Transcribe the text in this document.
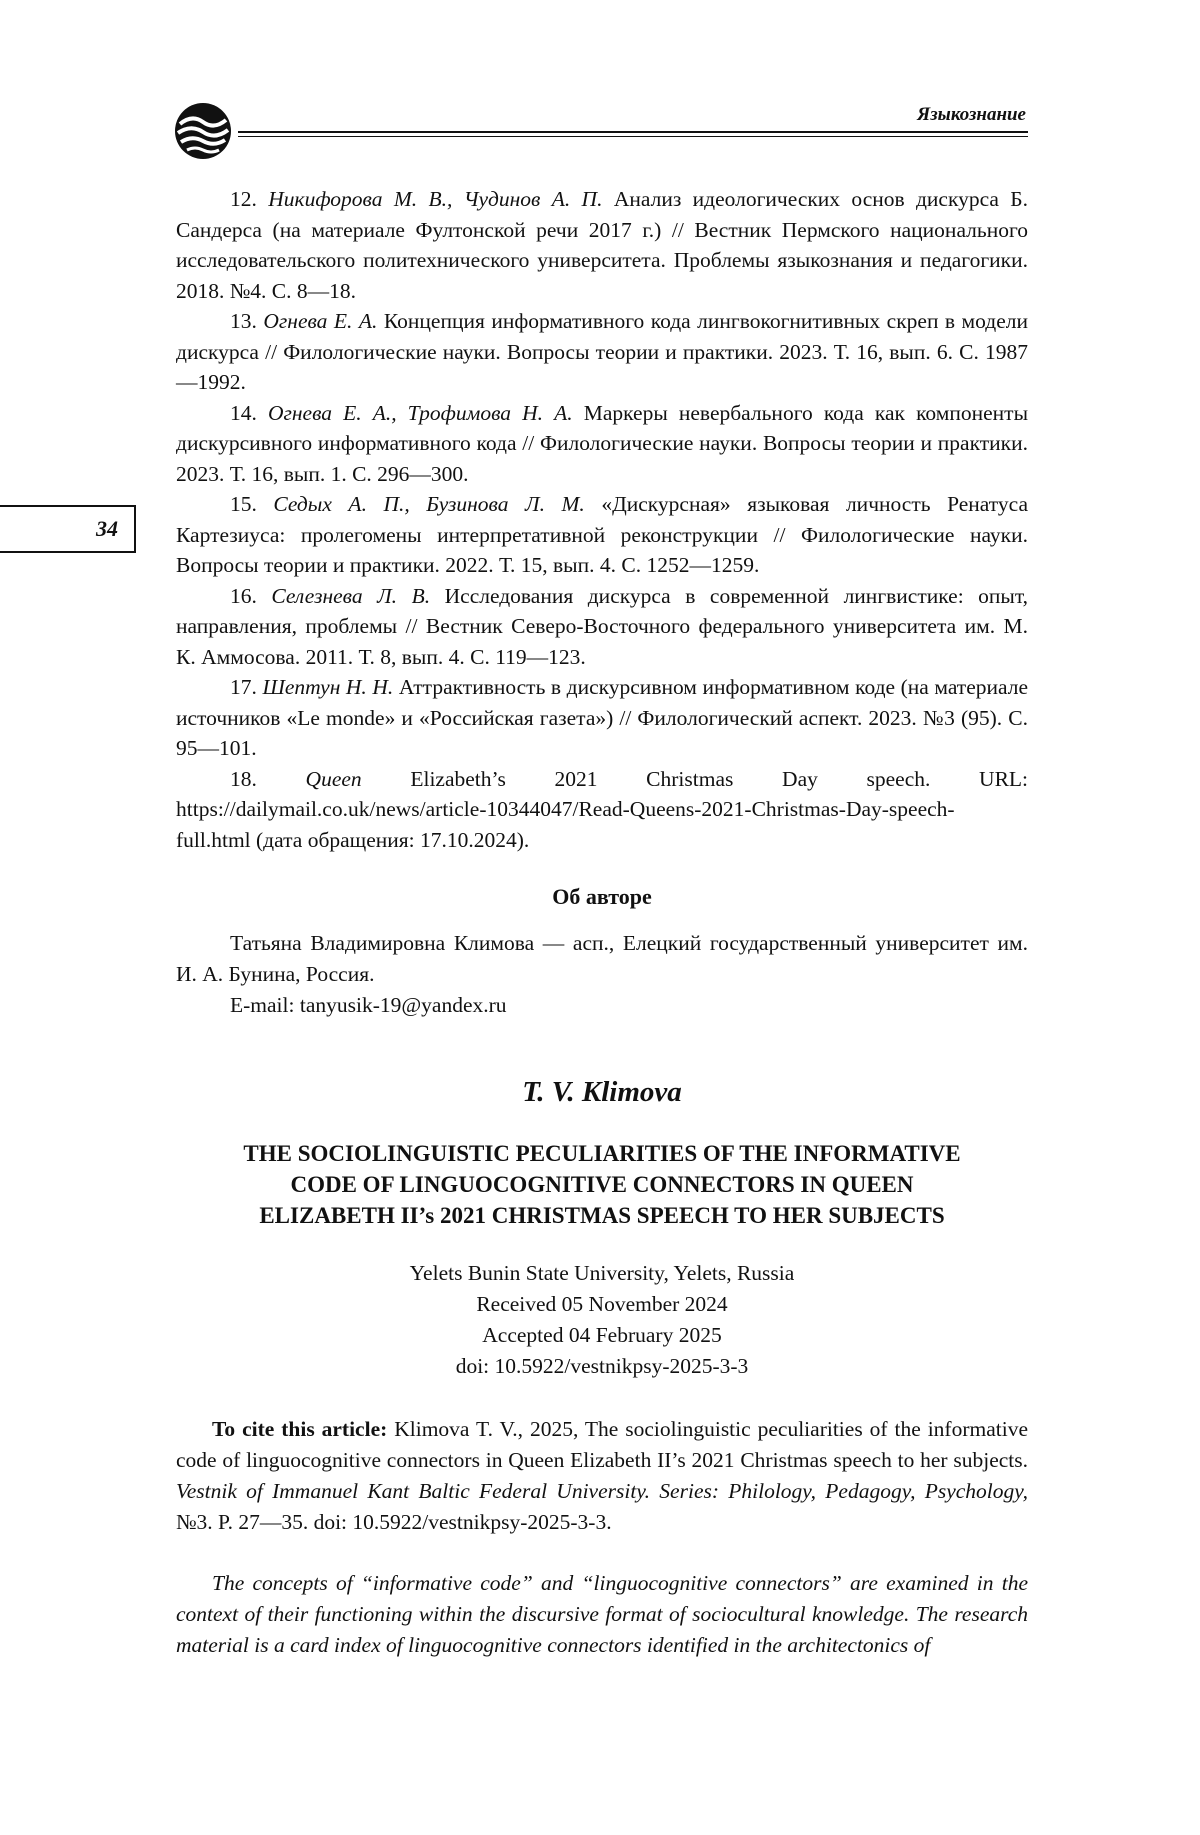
Языкознание
34

12. Никифорова М. В., Чудинов А. П. Анализ идеологических основ дискурса Б. Сандерса (на материале Фултонской речи 2017 г.) // Вестник Пермского национального исследовательского политехнического университета. Проблемы языкознания и педагогики. 2018. №4. С. 8—18.

13. Огнева Е. А. Концепция информативного кода лингвокогнитивных скреп в модели дискурса // Филологические науки. Вопросы теории и практики. 2023. Т. 16, вып. 6. С. 1987—1992.

14. Огнева Е. А., Трофимова Н. А. Маркеры невербального кода как компоненты дискурсивного информативного кода // Филологические науки. Вопросы теории и практики. 2023. Т. 16, вып. 1. С. 296—300.

15. Седых А. П., Бузинова Л. М. «Дискурсная» языковая личность Ренатуса Картезиуса: пролегомены интерпретативной реконструкции // Филологические науки. Вопросы теории и практики. 2022. Т. 15, вып. 4. С. 1252—1259.

16. Селезнева Л. В. Исследования дискурса в современной лингвистике: опыт, направления, проблемы // Вестник Северо-Восточного федерального университета им. М. К. Аммосова. 2011. Т. 8, вып. 4. С. 119—123.

17. Шептун Н. Н. Аттрактивность в дискурсивном информативном коде (на материале источников «Le monde» и «Российская газета») // Филологический аспект. 2023. №3 (95). С. 95—101.

18. Queen Elizabeth’s 2021 Christmas Day speech. URL: https://dailymail.co.uk/news/article-10344047/Read-Queens-2021-Christmas-Day-speech-full.html (дата обращения: 17.10.2024).

Об авторе

Татьяна Владимировна Климова — асп., Елецкий государственный университет им. И. А. Бунина, Россия.

E-mail: tanyusik-19@yandex.ru

T. V. Klimova
THE SOCIOLINGUISTIC PECULIARITIES OF THE INFORMATIVE
CODE OF LINGUOCOGNITIVE CONNECTORS IN QUEEN
ELIZABETH II’s 2021 CHRISTMAS SPEECH TO HER SUBJECTS
Yelets Bunin State University, Yelets, Russia
Received 05 November 2024
Accepted 04 February 2025
doi: 10.5922/vestnikpsy-2025-3-3

To cite this article: Klimova T. V., 2025, The sociolinguistic peculiarities of the informative code of linguocognitive connectors in Queen Elizabeth II’s 2021 Christmas speech to her subjects. Vestnik of Immanuel Kant Baltic Federal University. Series: Philology, Pedagogy, Psychology, №3. P. 27—35. doi: 10.5922/vestnikpsy-2025-3-3.

The concepts of “informative code” and “linguocognitive connectors” are examined in the context of their functioning within the discursive format of sociocultural knowledge. The research material is a card index of linguocognitive connectors identified in the architectonics of
